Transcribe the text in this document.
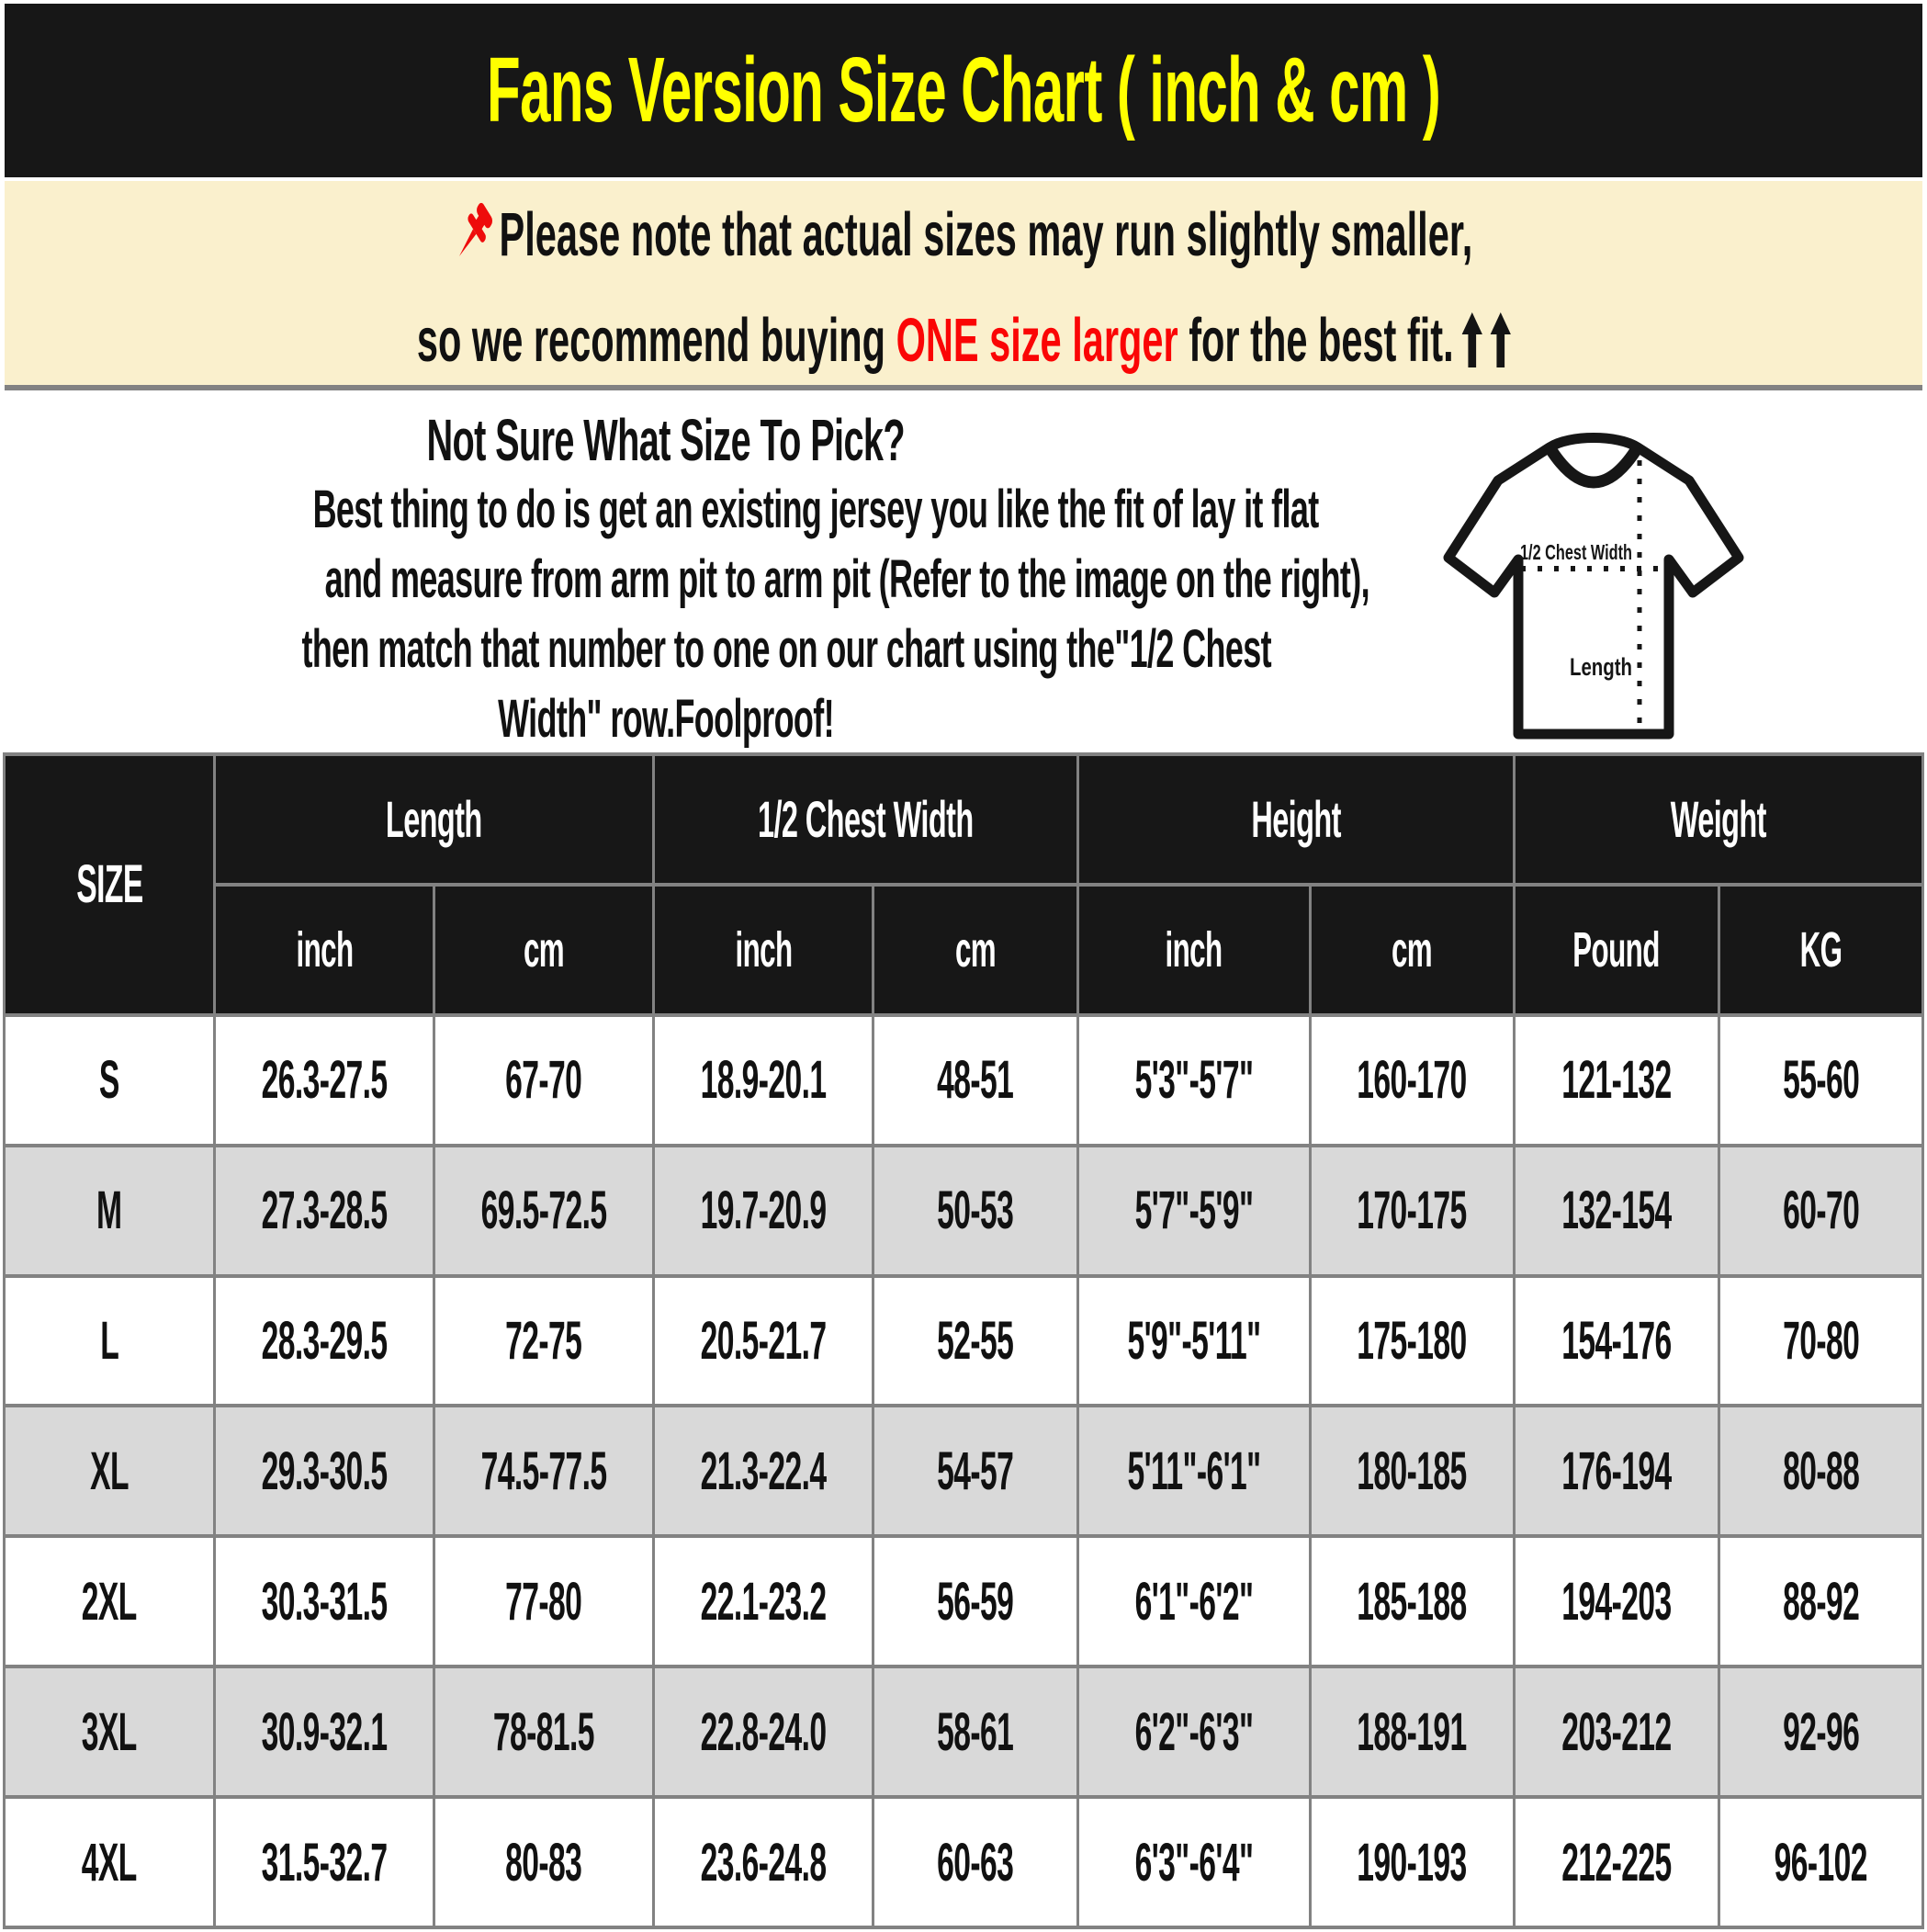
Fans Version Size Chart ( inch & cm )
Please note that actual sizes may run slightly smaller,
so we recommend buying ONE size larger for the best fit.
Not Sure What Size To Pick?
Best thing to do is get an existing jersey you like the fit of lay it flat
and measure from arm pit to arm pit (Refer to the image on the right),
then match that number to one on our chart using the"1/2 Chest
Width" row.Foolproof!
1/2 Chest Width
Length
SIZE
Length	1/2 Chest Width	Height	Weight
inch	cm	inch	cm	inch	cm	Pound	KG
S	26.3-27.5 67-70 18.9-20.1 48-51 5'3"-5'7" 160-170 121-132 55-60
M	27.3-28.5 69.5-72.5 19.7-20.9 50-53 5'7"-5'9" 170-175 132-154 60-70
L	28.3-29.5 72-75 20.5-21.7 52-55 5'9"-5'11" 175-180 154-176 70-80
XL 29.3-30.5 74.5-77.5 21.3-22.4 54-57 5'11"-6'1" 180-185 176-194 80-88
2XL 30.3-31.5 77-80 22.1-23.2 56-59 6'1"-6'2" 185-188 194-203 88-92
3XL 30.9-32.1 78-81.5 22.8-24.0 58-61 6'2"-6'3" 188-191 203-212 92-96
4XL 31.5-32.7 80-83 23.6-24.8 60-63 6'3"-6'4" 190-193 212-225 96-102
